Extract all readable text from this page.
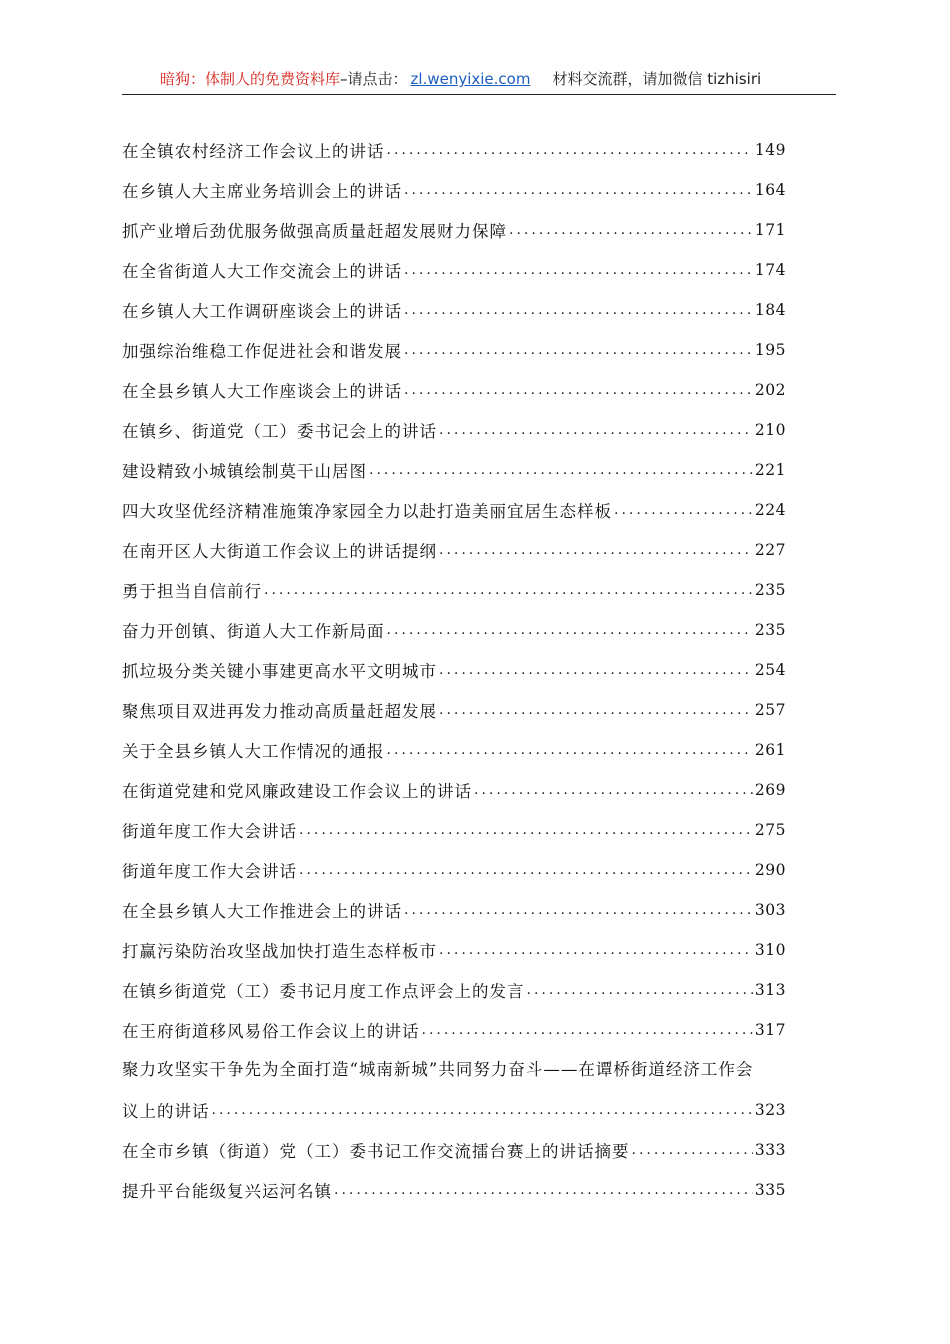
暗狗：体制人的免费资料库–请点击： zl.wenyixie.com 材料交流群，请加微信 tizhisiri
在全镇农村经济工作会议上的讲话 .....	149
在乡镇人大主席业务培训会上的讲话 .....	164
抓产业增后劲优服务做强高质量赶超发展财力保障 .....	171
在全省街道人大工作交流会上的讲话 .....	174
在乡镇人大工作调研座谈会上的讲话 .....	184
加强综治维稳工作促进社会和谐发展 .....	195
在全县乡镇人大工作座谈会上的讲话 .....	202
在镇乡、街道党（工）委书记会上的讲话 .....	210
建设精致小城镇绘制莫干山居图 .....	221
四大攻坚优经济精准施策净家园全力以赴打造美丽宜居生态样板 .....	224
在南开区人大街道工作会议上的讲话提纲 .....	227
勇于担当自信前行 .....	235
奋力开创镇、街道人大工作新局面 .....	235
抓垃圾分类关键小事建更高水平文明城市 .....	254
聚焦项目双进再发力推动高质量赶超发展 .....	257
关于全县乡镇人大工作情况的通报 .....	261
在街道党建和党风廉政建设工作会议上的讲话 .....	269
街道年度工作大会讲话 .....	275
街道年度工作大会讲话 .....	290
在全县乡镇人大工作推进会上的讲话 .....	303
打赢污染防治攻坚战加快打造生态样板市 .....	310
在镇乡街道党（工）委书记月度工作点评会上的发言 .....	313
在王府街道移风易俗工作会议上的讲话 .....	317
聚力攻坚实干争先为全面打造“城南新城”共同努力奋斗——在谭桥街道经济工作会
议上的讲话 .....	323
在全市乡镇（街道）党（工）委书记工作交流擂台赛上的讲话摘要 .....	333
提升平台能级复兴运河名镇 .....	335
